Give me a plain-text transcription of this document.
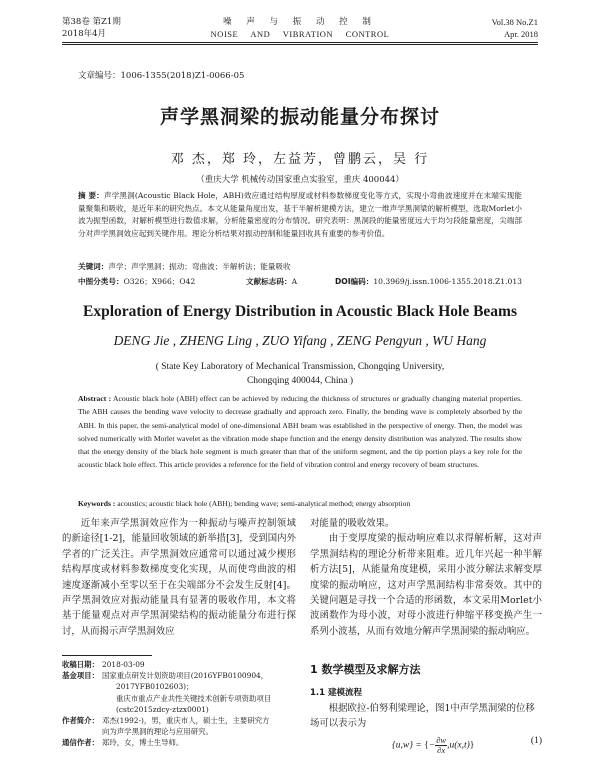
第38卷 第Z1期
2018年4月
噪 声 与 振 动 控 制
NOISE AND VIBRATION CONTROL
Vol.38 No.Z1
Apr. 2018
文章编号：1006-1355(2018)Z1-0066-05
声学黑洞梁的振动能量分布探讨
邓 杰，郑 玲，左益芳，曾鹏云，吴 行
（重庆大学 机械传动国家重点实验室，重庆 400044）
摘 要：声学黑洞(Acoustic Black Hole，ABH)效应通过结构厚度或材料参数梯度变化等方式，实现小弯曲波速度并在末端实现能量聚集和吸收，是近年来的研究热点。本文从能量角度出发，基于半解析建模方法，建立一维声学黑洞梁的解析模型，选取Morlet小波为振型函数，对解析模型进行数值求解，分析能量密度的分布情况。研究表明：黑洞段的能量密度远大于均匀段能量密度，尖端部分对声学黑洞效应起到关键作用。理论分析结果对振动控制和能量回收具有重要的参考价值。
关键词：声学；声学黑洞；振动；弯曲波；半解析法；能量吸收
中图分类号：O326；X966；O42	文献标志码：A	DOI编码：10.3969/j.issn.1006-1355.2018.Z1.013
Exploration of Energy Distribution in Acoustic Black Hole Beams
DENG Jie , ZHENG Ling , ZUO Yifang , ZENG Pengyun , WU Hang
( State Key Laboratory of Mechanical Transmission, Chongqing University,
Chongqing 400044, China )
Abstract : Acoustic black hole (ABH) effect can be achieved by reducing the thickness of structures or gradually changing material properties. The ABH causes the bending wave velocity to decrease gradually and approach zero. Finally, the bending wave is completely absorbed by the ABH. In this paper, the semi-analytical model of one-dimensional ABH beam was established in the perspective of energy. Then, the model was solved numerically with Morlet wavelet as the vibration mode shape function and the energy density distribution was analyzed. The results show that the energy density of the black hole segment is much greater than that of the uniform segment, and the tip portion plays a key role for the acoustic black hole effect. This article provides a reference for the field of vibration control and energy recovery of beam structures.
Keywords : acoustics; acoustic black hole (ABH); bending wave; semi-analytical method; energy absorption

近年来声学黑洞效应作为一种振动与噪声控制领域的新途径[1-2]，能量回收领域的新举措[3]，受到国内外学者的广泛关注。声学黑洞效应通常可以通过减少楔形结构厚度或材料参数梯度变化实现，从而使弯曲波的相速度逐渐减小至零以至于在尖端部分不会发生反射[4]。声学黑洞效应对振动能量具有显著的吸收作用，本文将基于能量观点对声学黑洞梁结构的振动能量分布进行探讨，从而揭示声学黑洞效应

对能量的吸收效果。

由于变厚度梁的振动响应难以求得解析解，这对声学黑洞结构的理论分析带来阻难。近几年兴起一种半解析方法[5]，从能量角度建模，采用小波分解法求解变厚度梁的振动响应，这对声学黑洞结构非常奏效。其中的关键问题是寻找一个合适的形函数，本文采用Morlet小波函数作为母小波，对母小波进行伸缩平移变换产生一系列小波基，从而有效地分解声学黑洞梁的振动响应。

收稿日期： 2018-03-09
基金项目： 国家重点研发计划资助项目(2016YFB0100904，
2017YFB0102603)；
重庆市重点产业共性关键技术创新专项资助项目
(cstc2015zdcy-ztzx0001)
作者简介： 邓杰(1992-)，男，重庆市人，硕士生，主要研究方
向为声学黑洞的理论与应用研究。
通信作者： 郑玲，女，博士生导师。
1 数学模型及求解方法
1.1 建模流程
根据欧拉-伯努利梁理论，图1中声学黑洞梁的位移场可以表示为
{u,w} = {− $\frac{\partial w}{\partial x} ,u(x,t)$}	(1)
